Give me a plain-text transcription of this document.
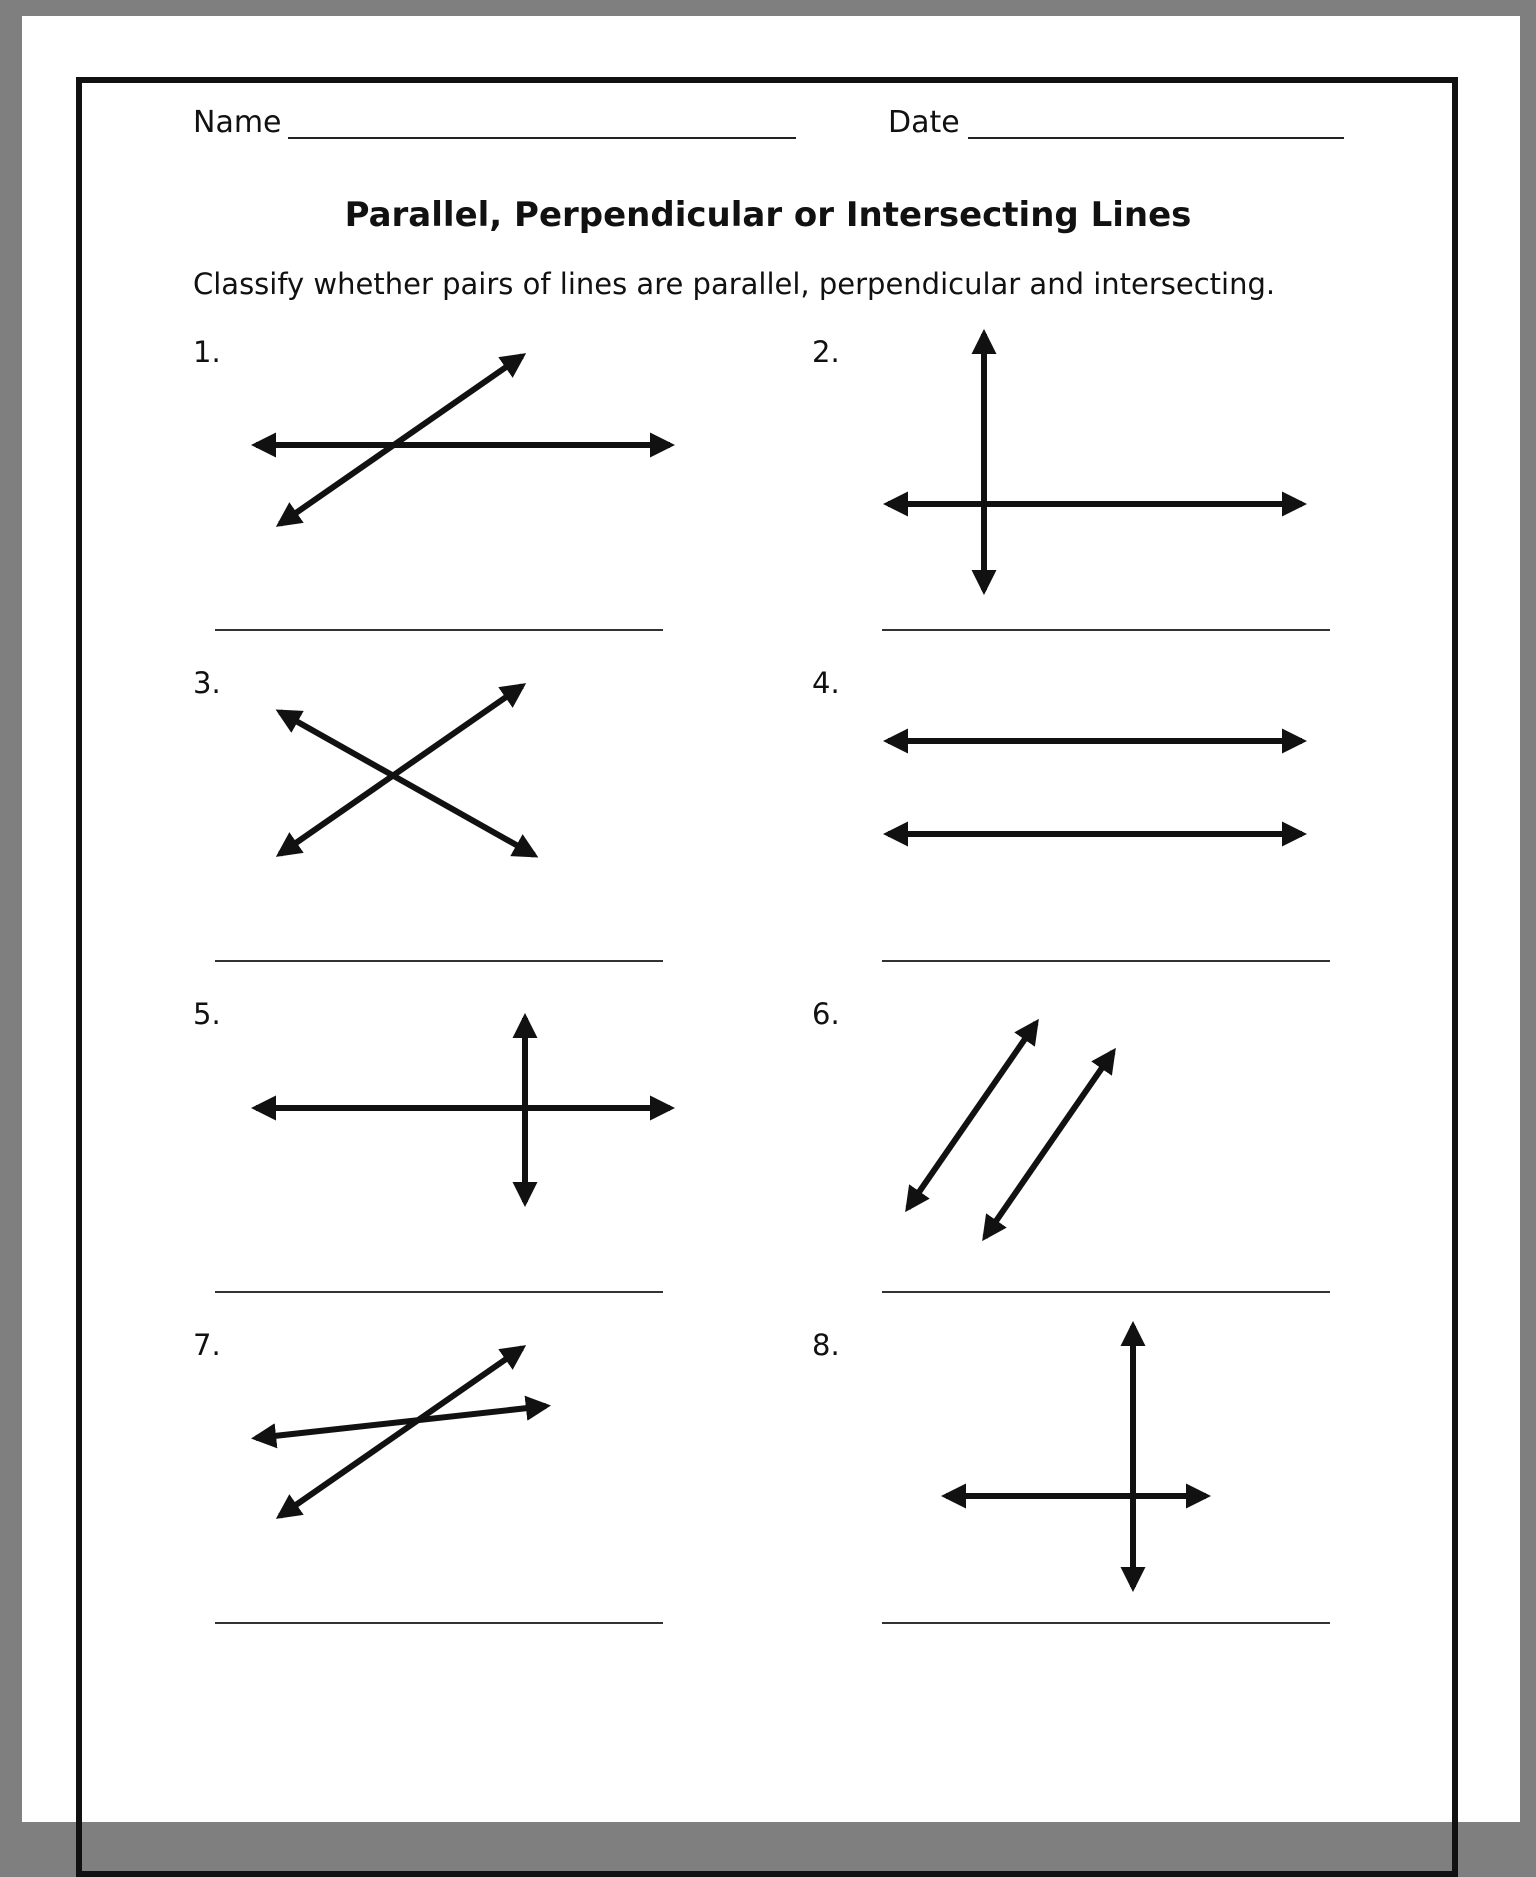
Name	Date
Parallel, Perpendicular or Intersecting Lines
Classify whether pairs of lines are parallel, perpendicular and intersecting.
1.	2.
3.	4.
5.	6.
7.	8.
